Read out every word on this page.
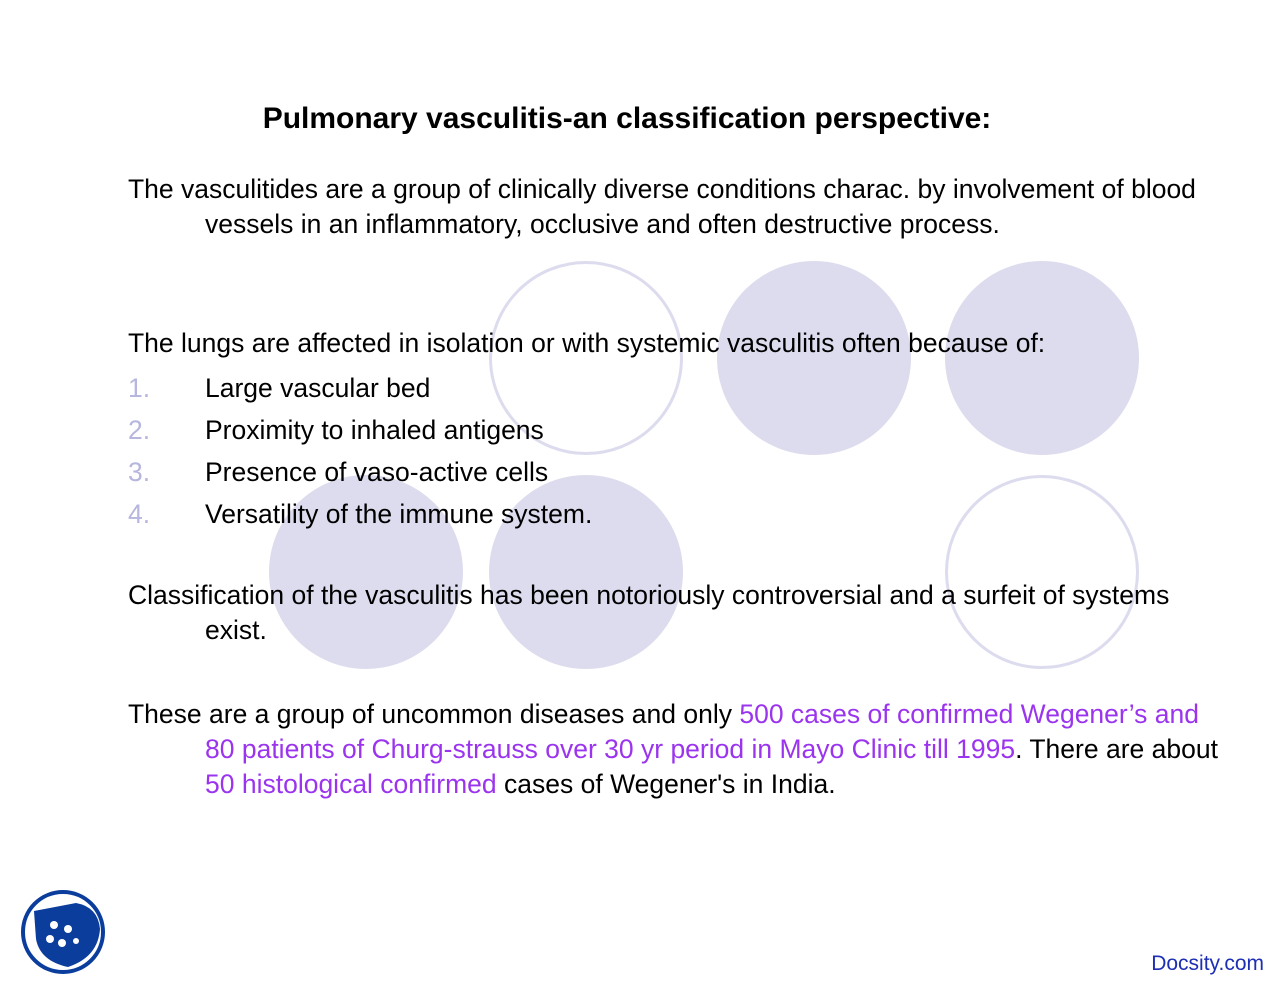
Pulmonary vasculitis-an classification perspective:

The vasculitides are a group of clinically diverse conditions charac. by involvement of blood vessels in an inflammatory, occlusive and often destructive process.

The lungs are affected in isolation or with systemic vasculitis often because of:

1.	Large vascular bed
2.	Proximity to inhaled antigens
3.	Presence of vaso-active cells
4.	Versatility of the immune system.

Classification of the vasculitis has been notoriously controversial and a surfeit of systems exist.

These are a group of uncommon diseases and only 500 cases of confirmed Wegener’s and 80 patients of Churg-strauss over 30 yr period in Mayo Clinic till 1995. There are about 50 histological confirmed cases of Wegener's in India.

Docsity.com
